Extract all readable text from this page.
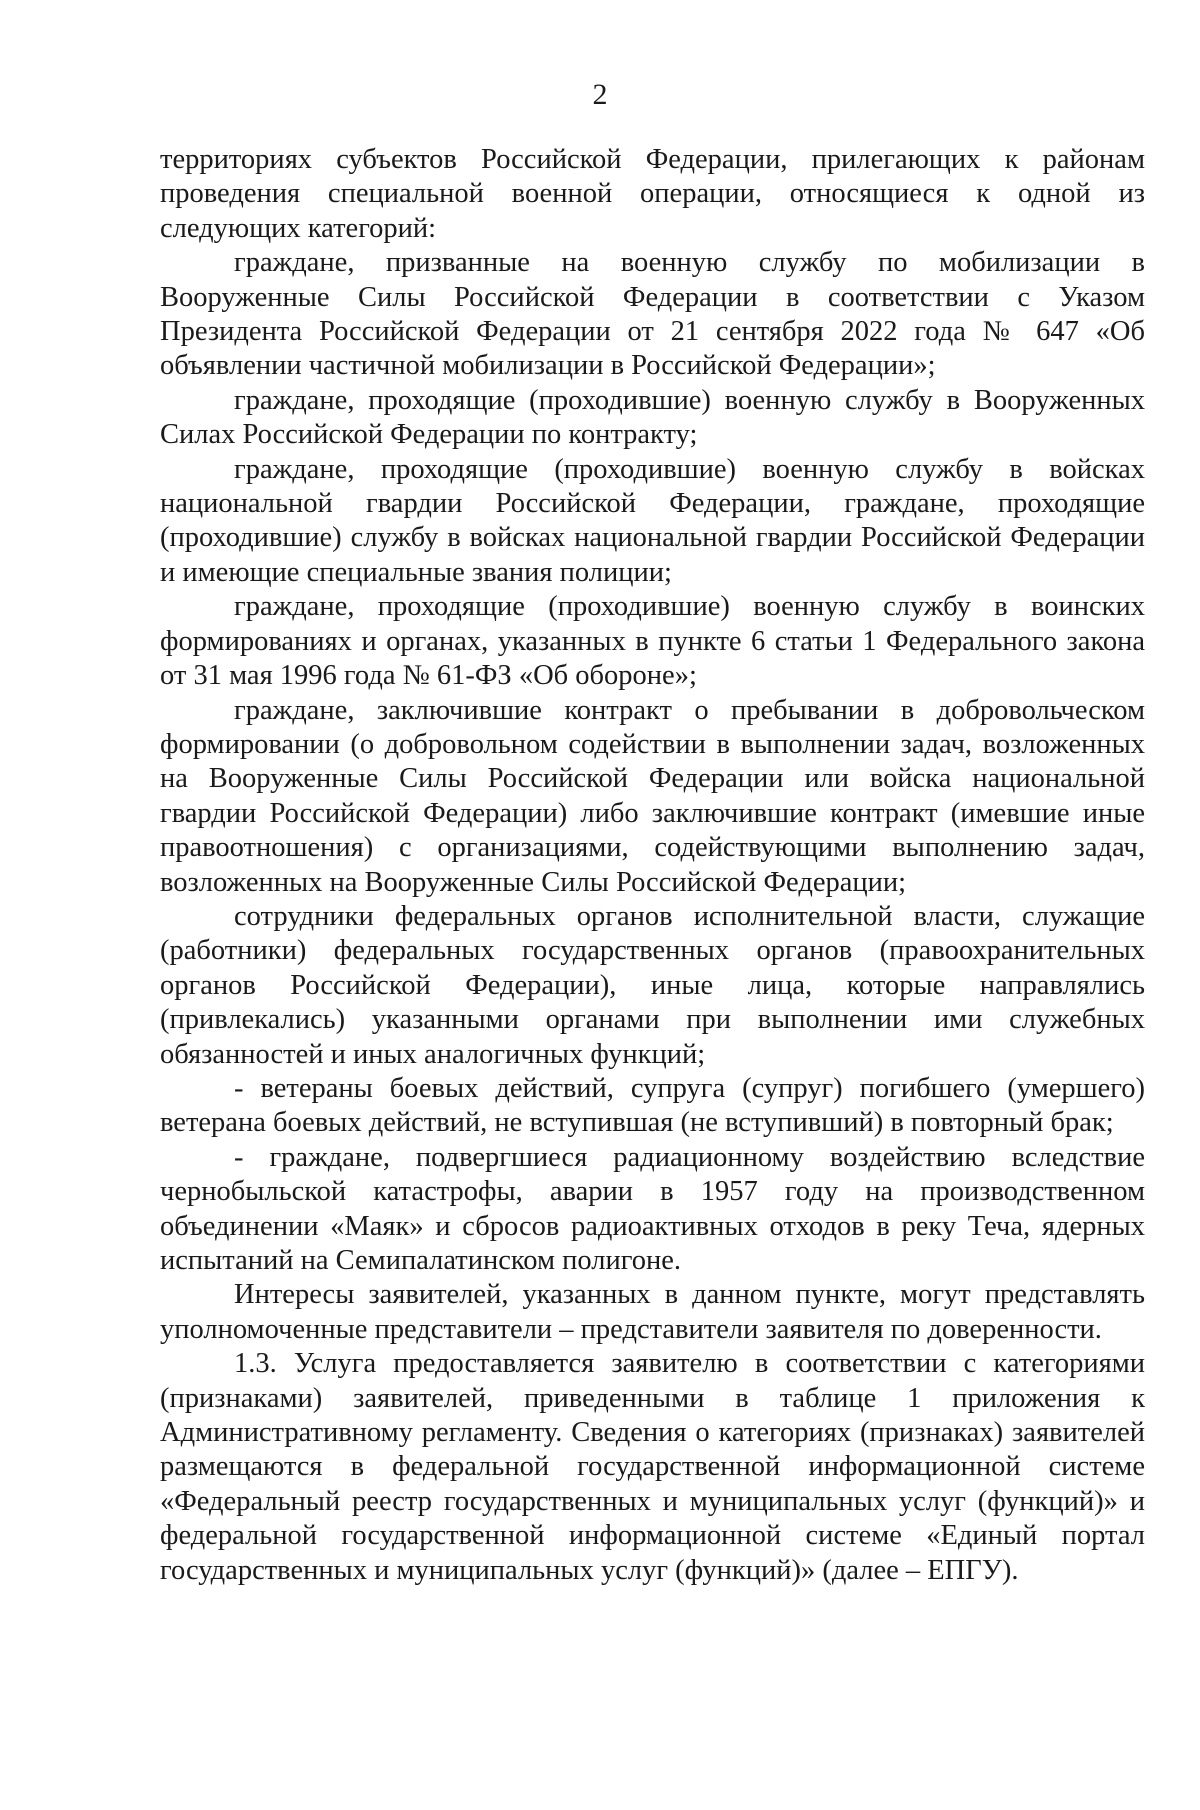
2

территориях субъектов Российской Федерации, прилегающих к районам проведения специальной военной операции, относящиеся к одной из следующих категорий:

граждане, призванные на военную службу по мобилизации в Вооруженные Силы Российской Федерации в соответствии с Указом Президента Российской Федерации от 21 сентября 2022 года № 647 «Об объявлении частичной мобилизации в Российской Федерации»;

граждане, проходящие (проходившие) военную службу в Вооруженных Силах Российской Федерации по контракту;

граждане, проходящие (проходившие) военную службу в войсках национальной гвардии Российской Федерации, граждане, проходящие (проходившие) службу в войсках национальной гвардии Российской Федерации и имеющие специальные звания полиции;

граждане, проходящие (проходившие) военную службу в воинских формированиях и органах, указанных в пункте 6 статьи 1 Федерального закона от 31 мая 1996 года № 61-ФЗ «Об обороне»;

граждане, заключившие контракт о пребывании в добровольческом формировании (о добровольном содействии в выполнении задач, возложенных на Вооруженные Силы Российской Федерации или войска национальной гвардии Российской Федерации) либо заключившие контракт (имевшие иные правоотношения) с организациями, содействующими выполнению задач, возложенных на Вооруженные Силы Российской Федерации;

сотрудники федеральных органов исполнительной власти, служащие (работники) федеральных государственных органов (правоохранительных органов Российской Федерации), иные лица, которые направлялись (привлекались) указанными органами при выполнении ими служебных обязанностей и иных аналогичных функций;

- ветераны боевых действий, супруга (супруг) погибшего (умершего) ветерана боевых действий, не вступившая (не вступивший) в повторный брак;

- граждане, подвергшиеся радиационному воздействию вследствие чернобыльской катастрофы, аварии в 1957 году на производственном объединении «Маяк» и сбросов радиоактивных отходов в реку Теча, ядерных испытаний на Семипалатинском полигоне.

Интересы заявителей, указанных в данном пункте, могут представлять уполномоченные представители – представители заявителя по доверенности.

1.3. Услуга предоставляется заявителю в соответствии с категориями (признаками) заявителей, приведенными в таблице 1 приложения к Административному регламенту. Сведения о категориях (признаках) заявителей размещаются в федеральной государственной информационной системе «Федеральный реестр государственных и муниципальных услуг (функций)» и федеральной государственной информационной системе «Единый портал государственных и муниципальных услуг (функций)» (далее – ЕПГУ).
